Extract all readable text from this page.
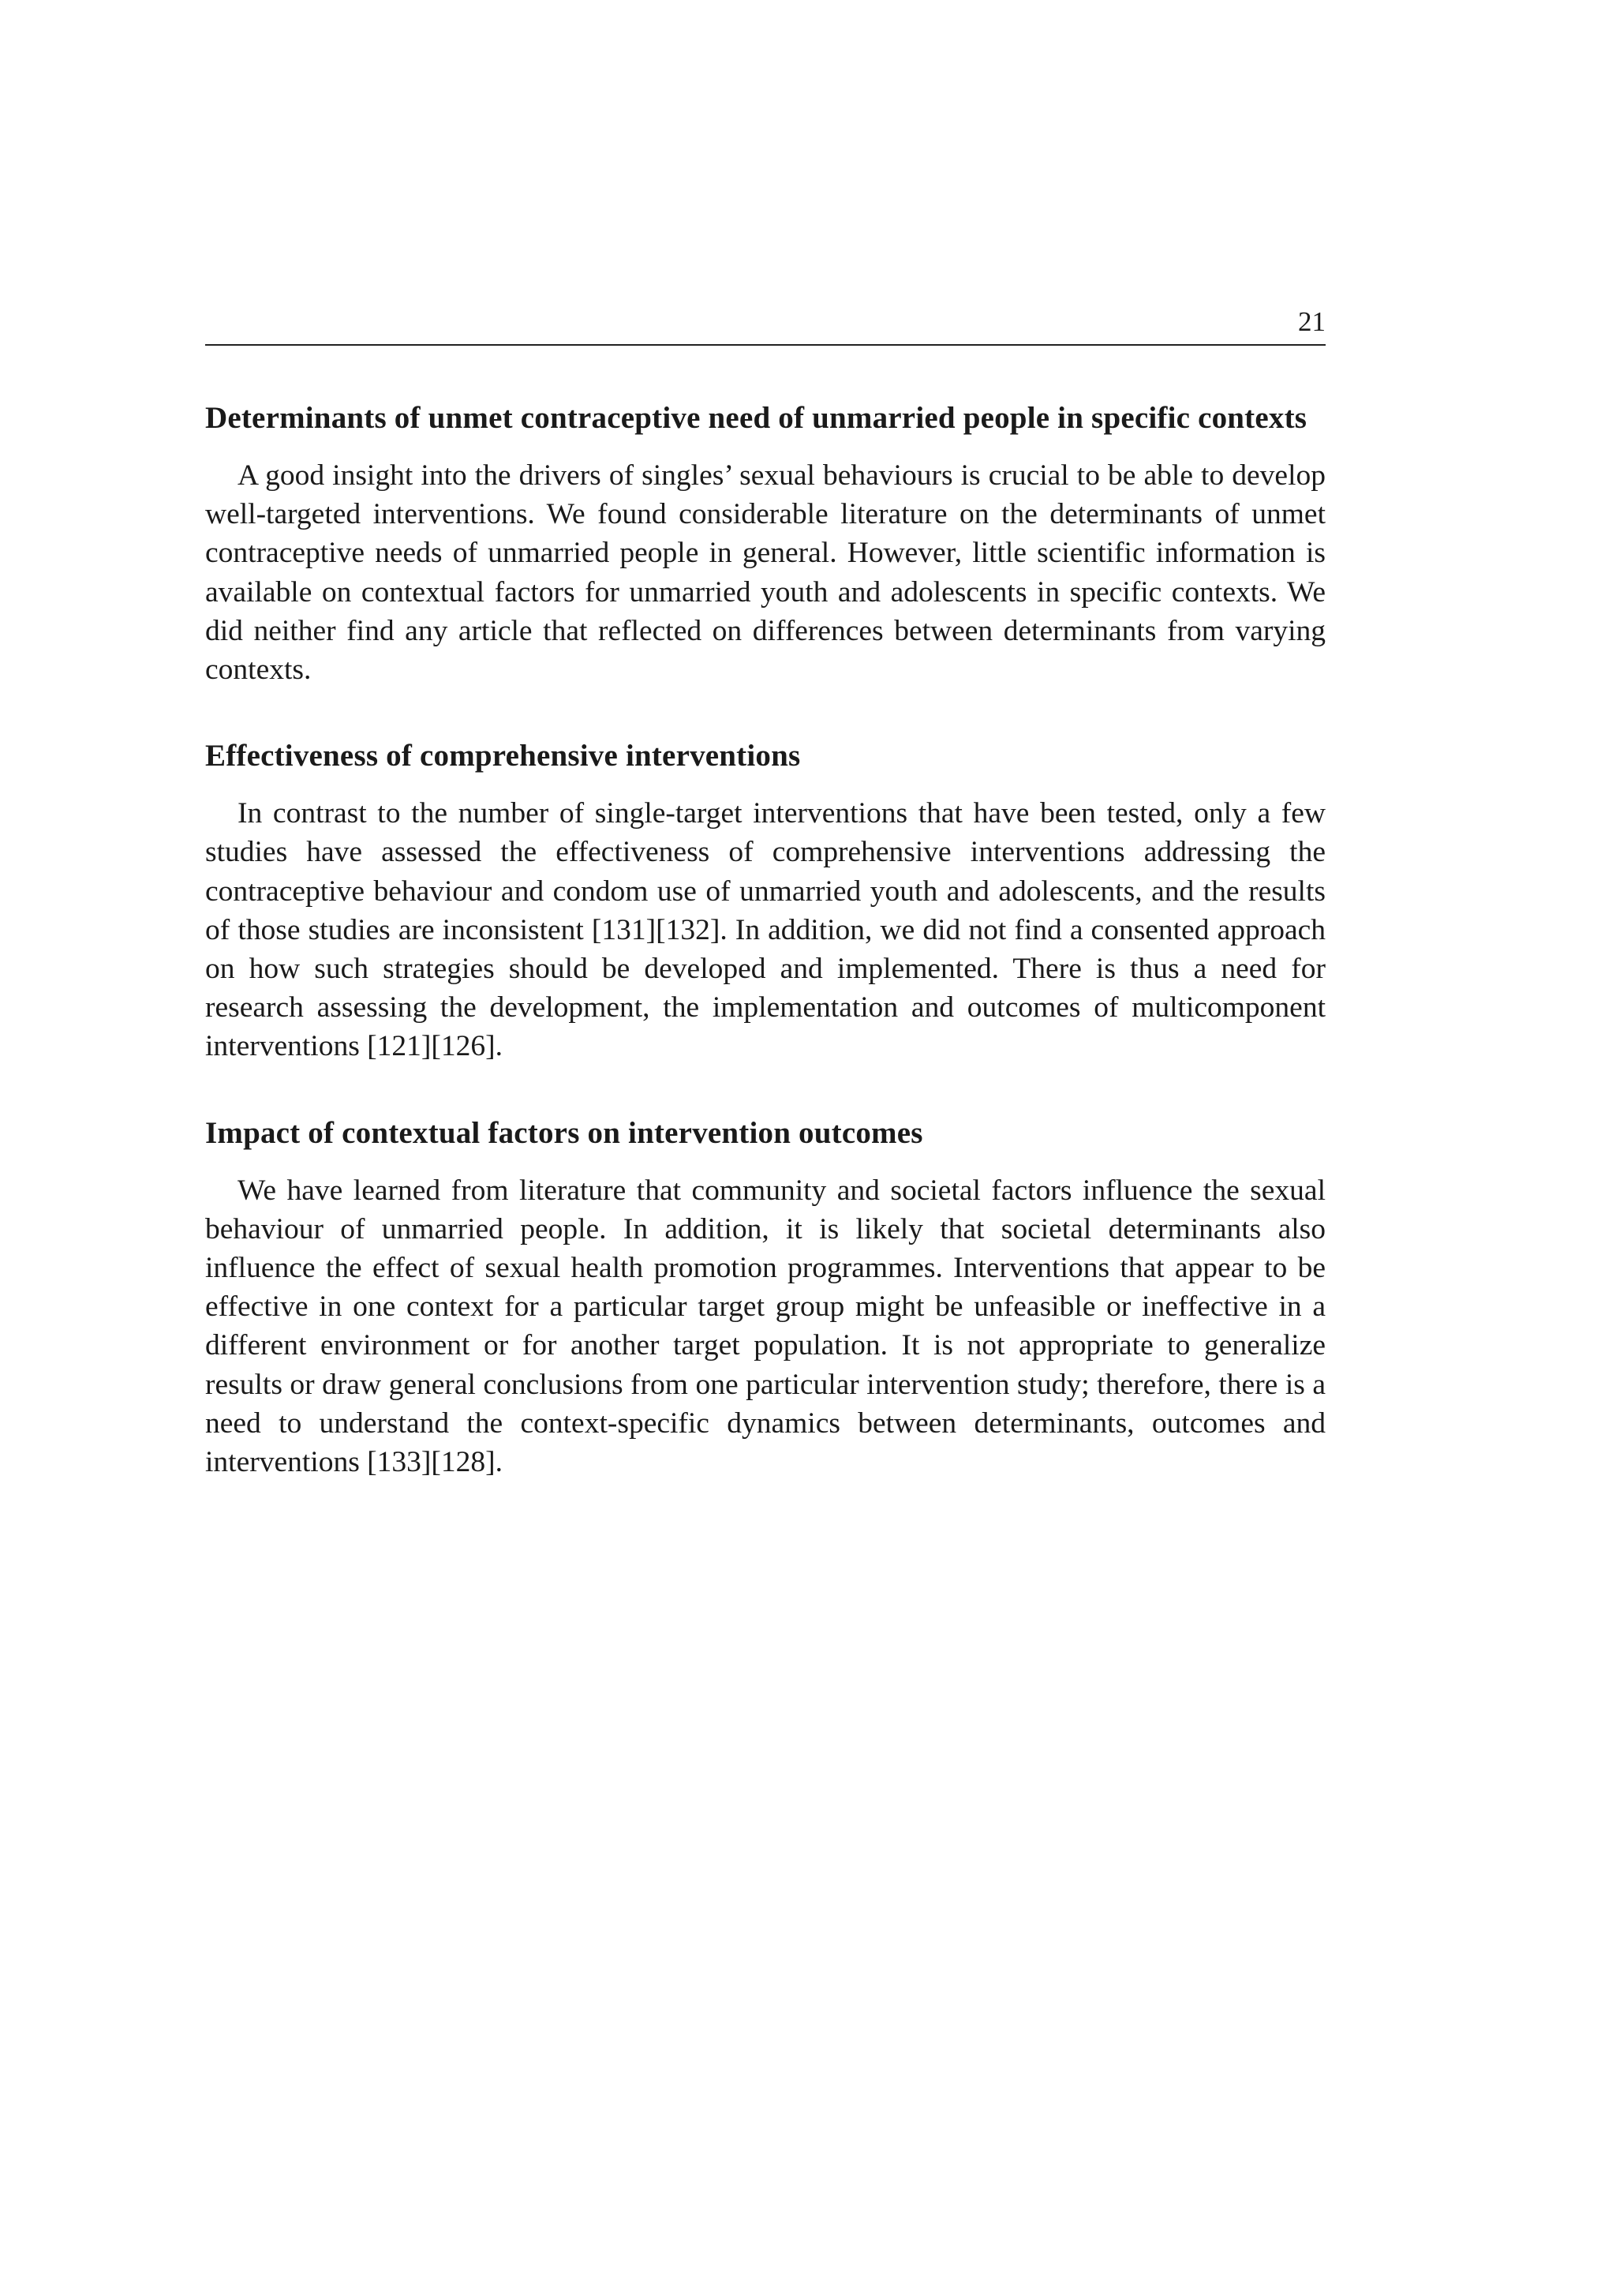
21
Determinants of unmet contraceptive need of unmarried people in specific contexts

A good insight into the drivers of singles’ sexual behaviours is crucial to be able to develop well-targeted interventions. We found considerable literature on the determinants of unmet contraceptive needs of unmarried people in general. However, little scientific information is available on contextual factors for unmarried youth and adolescents in specific contexts. We did neither find any article that reflected on differences between determinants from varying contexts.

Effectiveness of comprehensive interventions

In contrast to the number of single-target interventions that have been tested, only a few studies have assessed the effectiveness of comprehensive interventions addressing the contraceptive behaviour and condom use of unmarried youth and adolescents, and the results of those studies are inconsistent [131][132]. In addition, we did not find a consented approach on how such strategies should be developed and implemented. There is thus a need for research assessing the development, the implementation and outcomes of multicomponent interventions [121][126].

Impact of contextual factors on intervention outcomes

We have learned from literature that community and societal factors influence the sexual behaviour of unmarried people. In addition, it is likely that societal determinants also influence the effect of sexual health promotion programmes. Interventions that appear to be effective in one context for a particular target group might be unfeasible or ineffective in a different environment or for another target population. It is not appropriate to generalize results or draw general conclusions from one particular intervention study; therefore, there is a need to understand the context-specific dynamics between determinants, outcomes and interventions [133][128].
